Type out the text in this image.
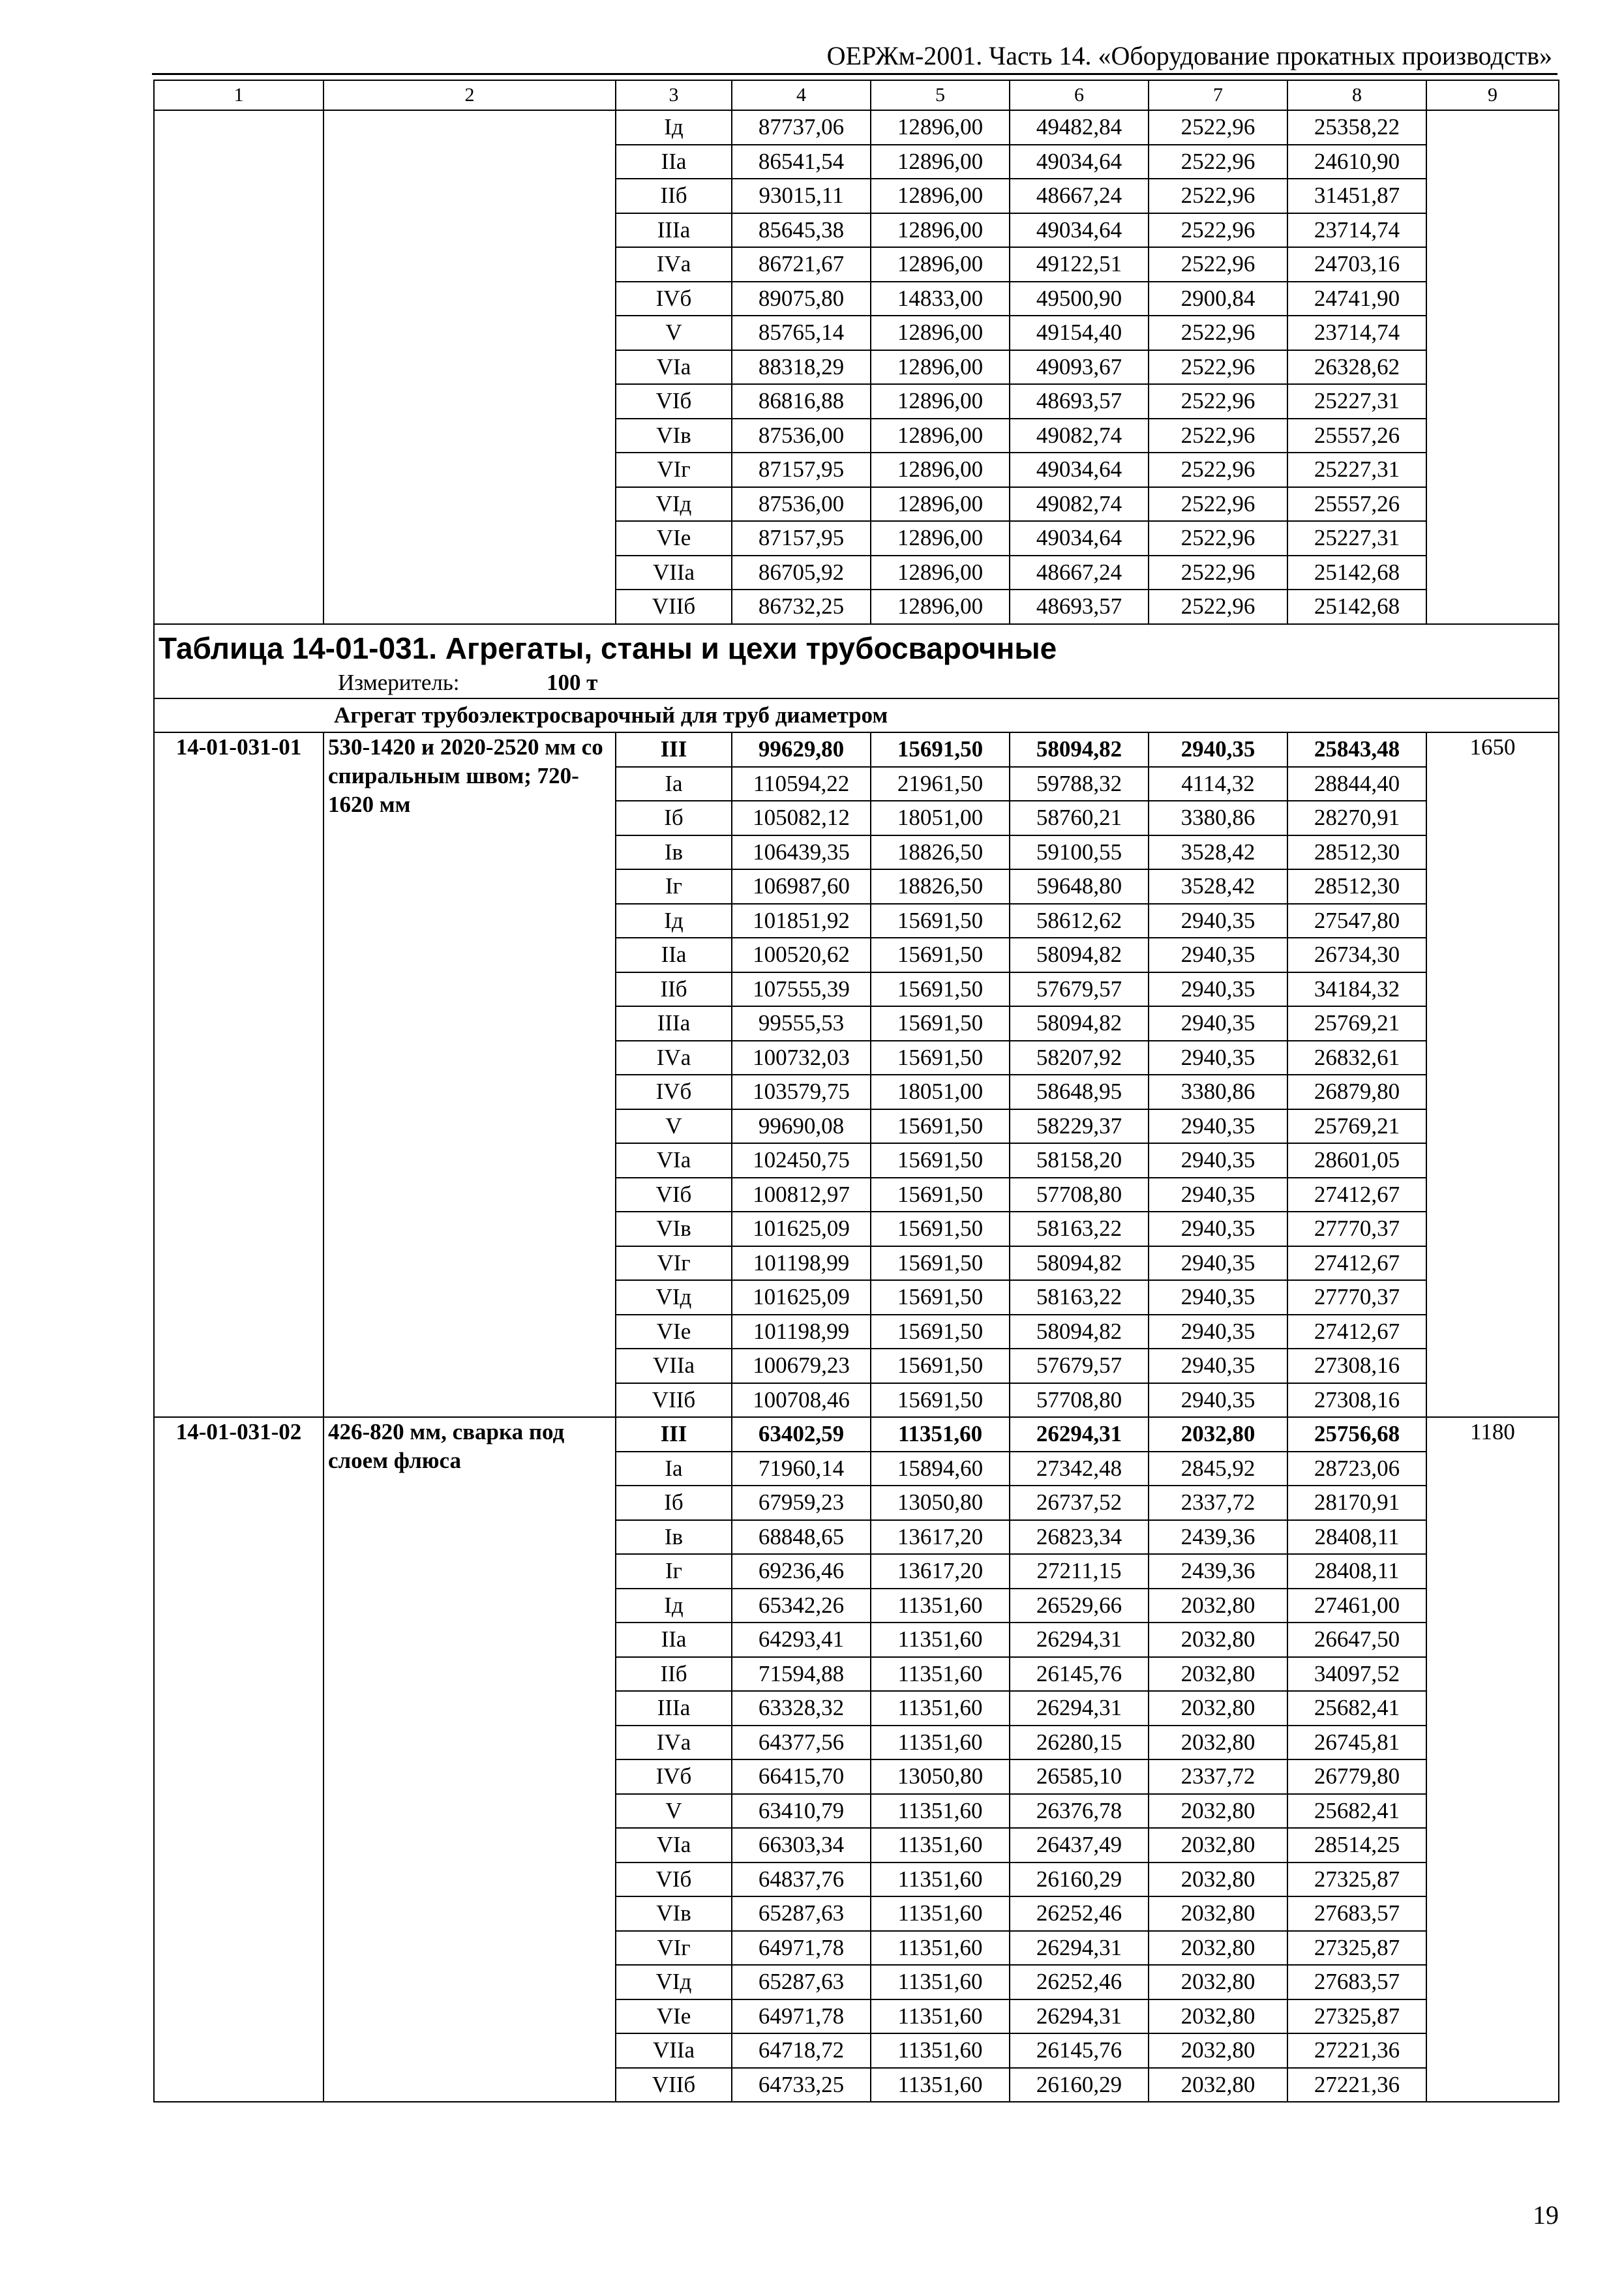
ОЕРЖм-2001. Часть 14. «Оборудование прокатных производств»
1	2	3	4	5	6	7	8	9
		Iд	87737,06	12896,00	49482,84	2522,96	25358,22	
		IIа	86541,54	12896,00	49034,64	2522,96	24610,90	
		IIб	93015,11	12896,00	48667,24	2522,96	31451,87	
		IIIа	85645,38	12896,00	49034,64	2522,96	23714,74	
		IVа	86721,67	12896,00	49122,51	2522,96	24703,16	
		IVб	89075,80	14833,00	49500,90	2900,84	24741,90	
		V	85765,14	12896,00	49154,40	2522,96	23714,74	
		VIа	88318,29	12896,00	49093,67	2522,96	26328,62	
		VIб	86816,88	12896,00	48693,57	2522,96	25227,31	
		VIв	87536,00	12896,00	49082,74	2522,96	25557,26	
		VIг	87157,95	12896,00	49034,64	2522,96	25227,31	
		VIд	87536,00	12896,00	49082,74	2522,96	25557,26	
		VIе	87157,95	12896,00	49034,64	2522,96	25227,31	
		VIIа	86705,92	12896,00	48667,24	2522,96	25142,68	
		VIIб	86732,25	12896,00	48693,57	2522,96	25142,68	

Таблица 14-01-031. Агрегаты, станы и цехи трубосварочные
Измеритель: 100 т								

Агрегат трубоэлектросварочный для труб диаметром								
14-01-031-01	530-1420 и 2020-2520 мм со спиральным швом; 720-1620 мм	III	99629,80	15691,50	58094,82	2940,35	25843,48	1650
		Iа	110594,22	21961,50	59788,32	4114,32	28844,40	
		Iб	105082,12	18051,00	58760,21	3380,86	28270,91	
		Iв	106439,35	18826,50	59100,55	3528,42	28512,30	
		Iг	106987,60	18826,50	59648,80	3528,42	28512,30	
		Iд	101851,92	15691,50	58612,62	2940,35	27547,80	
		IIа	100520,62	15691,50	58094,82	2940,35	26734,30	
		IIб	107555,39	15691,50	57679,57	2940,35	34184,32	
		IIIа	99555,53	15691,50	58094,82	2940,35	25769,21	
		IVа	100732,03	15691,50	58207,92	2940,35	26832,61	
		IVб	103579,75	18051,00	58648,95	3380,86	26879,80	
		V	99690,08	15691,50	58229,37	2940,35	25769,21	
		VIа	102450,75	15691,50	58158,20	2940,35	28601,05	
		VIб	100812,97	15691,50	57708,80	2940,35	27412,67	
		VIв	101625,09	15691,50	58163,22	2940,35	27770,37	
		VIг	101198,99	15691,50	58094,82	2940,35	27412,67	
		VIд	101625,09	15691,50	58163,22	2940,35	27770,37	
		VIе	101198,99	15691,50	58094,82	2940,35	27412,67	
		VIIа	100679,23	15691,50	57679,57	2940,35	27308,16	
		VIIб	100708,46	15691,50	57708,80	2940,35	27308,16	
14-01-031-02	426-820 мм, сварка под слоем флюса	III	63402,59	11351,60	26294,31	2032,80	25756,68	1180
		Iа	71960,14	15894,60	27342,48	2845,92	28723,06	
		Iб	67959,23	13050,80	26737,52	2337,72	28170,91	
		Iв	68848,65	13617,20	26823,34	2439,36	28408,11	
		Iг	69236,46	13617,20	27211,15	2439,36	28408,11	
		Iд	65342,26	11351,60	26529,66	2032,80	27461,00	
		IIа	64293,41	11351,60	26294,31	2032,80	26647,50	
		IIб	71594,88	11351,60	26145,76	2032,80	34097,52	
		IIIа	63328,32	11351,60	26294,31	2032,80	25682,41	
		IVа	64377,56	11351,60	26280,15	2032,80	26745,81	
		IVб	66415,70	13050,80	26585,10	2337,72	26779,80	
		V	63410,79	11351,60	26376,78	2032,80	25682,41	
		VIа	66303,34	11351,60	26437,49	2032,80	28514,25	
		VIб	64837,76	11351,60	26160,29	2032,80	27325,87	
		VIв	65287,63	11351,60	26252,46	2032,80	27683,57	
		VIг	64971,78	11351,60	26294,31	2032,80	27325,87	
		VIд	65287,63	11351,60	26252,46	2032,80	27683,57	
		VIе	64971,78	11351,60	26294,31	2032,80	27325,87	
		VIIа	64718,72	11351,60	26145,76	2032,80	27221,36	
		VIIб	64733,25	11351,60	26160,29	2032,80	27221,36	
19
